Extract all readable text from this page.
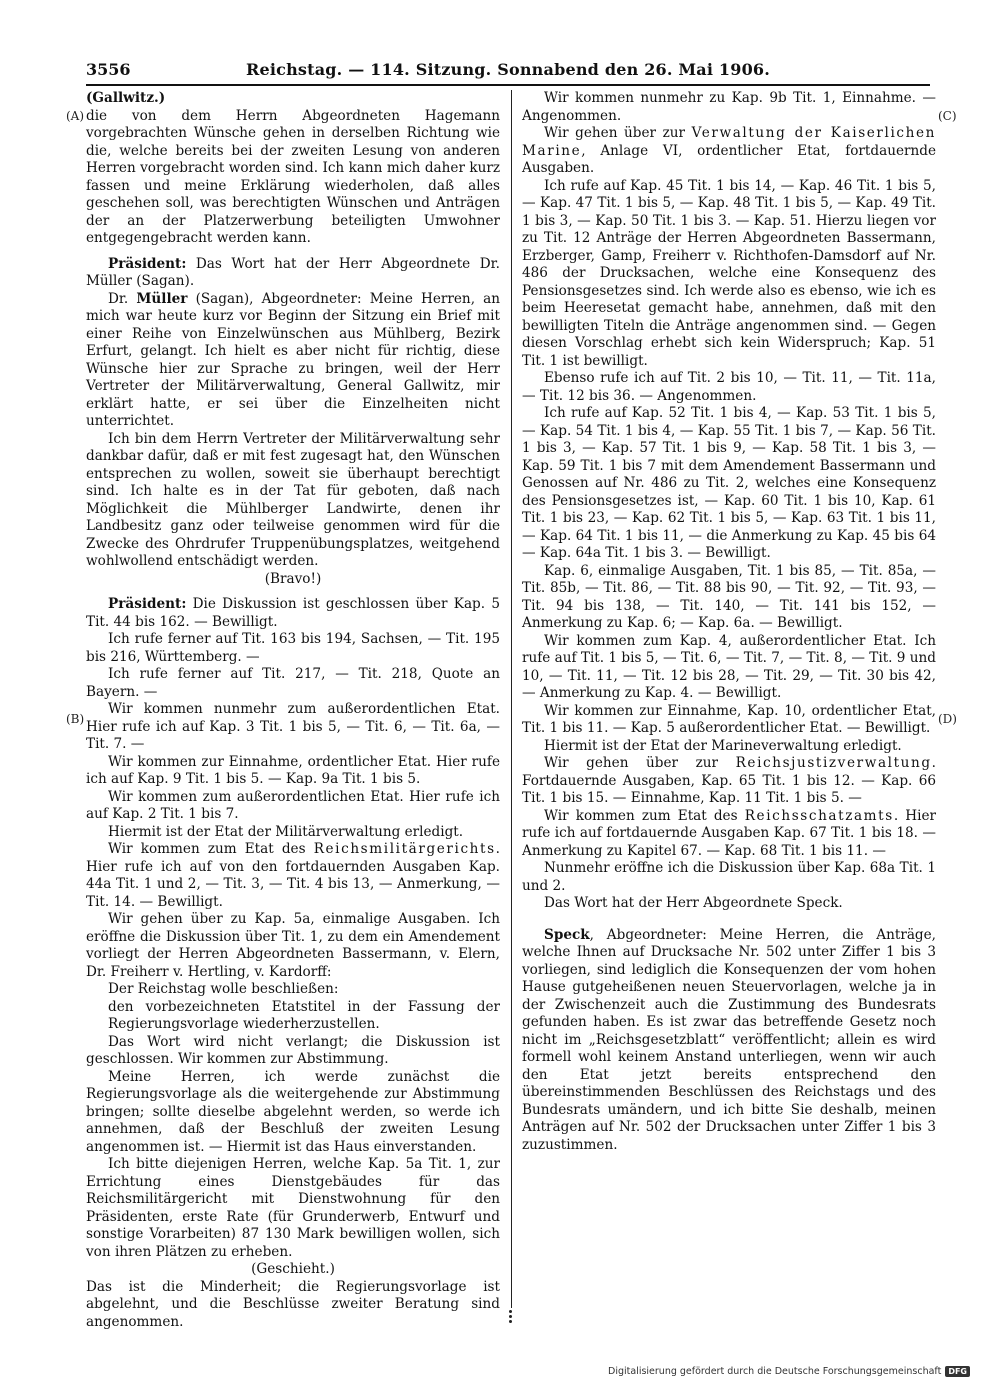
3556	Reichstag. — 114. Sitzung. Sonnabend den 26. Mai 1906.
(A)
(B)
(C)
(D)

(Gallwitz.)

die von dem Herrn Abgeordneten Hagemann vorgebrachten Wünsche gehen in derselben Richtung wie die, welche bereits bei der zweiten Lesung von anderen Herren vorgebracht worden sind. Ich kann mich daher kurz fassen und meine Erklärung wiederholen, daß alles geschehen soll, was berechtigten Wünschen und Anträgen der an der Platzerwerbung beteiligten Umwohner entgegengebracht werden kann.

Präsident: Das Wort hat der Herr Abgeordnete Dr. Müller (Sagan).

Dr. Müller (Sagan), Abgeordneter: Meine Herren, an mich war heute kurz vor Beginn der Sitzung ein Brief mit einer Reihe von Einzelwünschen aus Mühlberg, Bezirk Erfurt, gelangt. Ich hielt es aber nicht für richtig, diese Wünsche hier zur Sprache zu bringen, weil der Herr Vertreter der Militärverwaltung, General Gallwitz, mir erklärt hatte, er sei über die Einzelheiten nicht unterrichtet.

Ich bin dem Herrn Vertreter der Militärverwaltung sehr dankbar dafür, daß er mit fest zugesagt hat, den Wünschen entsprechen zu wollen, soweit sie überhaupt berechtigt sind. Ich halte es in der Tat für geboten, daß nach Möglichkeit die Mühlberger Landwirte, denen ihr Landbesitz ganz oder teilweise genommen wird für die Zwecke des Ohrdrufer Truppenübungsplatzes, weitgehend wohlwollend entschädigt werden.

(Bravo!)

Präsident: Die Diskussion ist geschlossen über Kap. 5 Tit. 44 bis 162. — Bewilligt.

Ich rufe ferner auf Tit. 163 bis 194, Sachsen, — Tit. 195 bis 216, Württemberg. —

Ich rufe ferner auf Tit. 217, — Tit. 218, Quote an Bayern. —

Wir kommen nunmehr zum außerordentlichen Etat. Hier rufe ich auf Kap. 3 Tit. 1 bis 5, — Tit. 6, — Tit. 6a, — Tit. 7. —

Wir kommen zur Einnahme, ordentlicher Etat. Hier rufe ich auf Kap. 9 Tit. 1 bis 5. — Kap. 9a Tit. 1 bis 5.

Wir kommen zum außerordentlichen Etat. Hier rufe ich auf Kap. 2 Tit. 1 bis 7.

Hiermit ist der Etat der Militärverwaltung erledigt.

Wir kommen zum Etat des Reichsmilitärgerichts. Hier rufe ich auf von den fortdauernden Ausgaben Kap. 44a Tit. 1 und 2, — Tit. 3, — Tit. 4 bis 13, — Anmerkung, — Tit. 14. — Bewilligt.

Wir gehen über zu Kap. 5a, einmalige Ausgaben. Ich eröffne die Diskussion über Tit. 1, zu dem ein Amendement vorliegt der Herren Abgeordneten Bassermann, v. Elern, Dr. Freiherr v. Hertling, v. Kardorff:

Der Reichstag wolle beschließen:

den vorbezeichneten Etatstitel in der Fassung der Regierungsvorlage wiederherzustellen.

Das Wort wird nicht verlangt; die Diskussion ist geschlossen. Wir kommen zur Abstimmung.

Meine Herren, ich werde zunächst die Regierungsvorlage als die weitergehende zur Abstimmung bringen; sollte dieselbe abgelehnt werden, so werde ich annehmen, daß der Beschluß der zweiten Lesung angenommen ist. — Hiermit ist das Haus einverstanden.

Ich bitte diejenigen Herren, welche Kap. 5a Tit. 1, zur Errichtung eines Dienstgebäudes für das Reichsmilitärgericht mit Dienstwohnung für den Präsidenten, erste Rate (für Grunderwerb, Entwurf und sonstige Vorarbeiten) 87 130 Mark bewilligen wollen, sich von ihren Plätzen zu erheben.

(Geschieht.)

Das ist die Minderheit; die Regierungsvorlage ist abgelehnt, und die Beschlüsse zweiter Beratung sind angenommen.

Wir kommen nunmehr zu Kap. 9b Tit. 1, Einnahme. — Angenommen.

Wir gehen über zur Verwaltung der Kaiserlichen Marine, Anlage VI, ordentlicher Etat, fortdauernde Ausgaben.

Ich rufe auf Kap. 45 Tit. 1 bis 14, — Kap. 46 Tit. 1 bis 5, — Kap. 47 Tit. 1 bis 5, — Kap. 48 Tit. 1 bis 5, — Kap. 49 Tit. 1 bis 3, — Kap. 50 Tit. 1 bis 3. — Kap. 51. Hierzu liegen vor zu Tit. 12 Anträge der Herren Abgeordneten Bassermann, Erzberger, Gamp, Freiherr v. Richthofen-Damsdorf auf Nr. 486 der Drucksachen, welche eine Konsequenz des Pensionsgesetzes sind. Ich werde also es ebenso, wie ich es beim Heeresetat gemacht habe, annehmen, daß mit den bewilligten Titeln die Anträge angenommen sind. — Gegen diesen Vorschlag erhebt sich kein Widerspruch; Kap. 51 Tit. 1 ist bewilligt.

Ebenso rufe ich auf Tit. 2 bis 10, — Tit. 11, — Tit. 11a, — Tit. 12 bis 36. — Angenommen.

Ich rufe auf Kap. 52 Tit. 1 bis 4, — Kap. 53 Tit. 1 bis 5, — Kap. 54 Tit. 1 bis 4, — Kap. 55 Tit. 1 bis 7, — Kap. 56 Tit. 1 bis 3, — Kap. 57 Tit. 1 bis 9, — Kap. 58 Tit. 1 bis 3, — Kap. 59 Tit. 1 bis 7 mit dem Amendement Bassermann und Genossen auf Nr. 486 zu Tit. 2, welches eine Konsequenz des Pensionsgesetzes ist, — Kap. 60 Tit. 1 bis 10, Kap. 61 Tit. 1 bis 23, — Kap. 62 Tit. 1 bis 5, — Kap. 63 Tit. 1 bis 11, — Kap. 64 Tit. 1 bis 11, — die Anmerkung zu Kap. 45 bis 64 — Kap. 64a Tit. 1 bis 3. — Bewilligt.

Kap. 6, einmalige Ausgaben, Tit. 1 bis 85, — Tit. 85a, — Tit. 85b, — Tit. 86, — Tit. 88 bis 90, — Tit. 92, — Tit. 93, — Tit. 94 bis 138, — Tit. 140, — Tit. 141 bis 152, — Anmerkung zu Kap. 6; — Kap. 6a. — Bewilligt.

Wir kommen zum Kap. 4, außerordentlicher Etat. Ich rufe auf Tit. 1 bis 5, — Tit. 6, — Tit. 7, — Tit. 8, — Tit. 9 und 10, — Tit. 11, — Tit. 12 bis 28, — Tit. 29, — Tit. 30 bis 42, — Anmerkung zu Kap. 4. — Bewilligt.

Wir kommen zur Einnahme, Kap. 10, ordentlicher Etat, Tit. 1 bis 11. — Kap. 5 außerordentlicher Etat. — Bewilligt.

Hiermit ist der Etat der Marineverwaltung erledigt.

Wir gehen über zur Reichsjustizverwaltung. Fortdauernde Ausgaben, Kap. 65 Tit. 1 bis 12. — Kap. 66 Tit. 1 bis 15. — Einnahme, Kap. 11 Tit. 1 bis 5. —

Wir kommen zum Etat des Reichsschatzamts. Hier rufe ich auf fortdauernde Ausgaben Kap. 67 Tit. 1 bis 18. — Anmerkung zu Kapitel 67. — Kap. 68 Tit. 1 bis 11. —

Nunmehr eröffne ich die Diskussion über Kap. 68a Tit. 1 und 2.

Das Wort hat der Herr Abgeordnete Speck.

Speck, Abgeordneter: Meine Herren, die Anträge, welche Ihnen auf Drucksache Nr. 502 unter Ziffer 1 bis 3 vorliegen, sind lediglich die Konsequenzen der vom hohen Hause gutgeheißenen neuen Steuervorlagen, welche ja in der Zwischenzeit auch die Zustimmung des Bundesrats gefunden haben. Es ist zwar das betreffende Gesetz noch nicht im „Reichsgesetzblatt“ veröffentlicht; allein es wird formell wohl keinem Anstand unterliegen, wenn wir auch den Etat jetzt bereits entsprechend den übereinstimmenden Beschlüssen des Reichstags und des Bundesrats umändern, und ich bitte Sie deshalb, meinen Anträgen auf Nr. 502 der Drucksachen unter Ziffer 1 bis 3 zuzustimmen.

Digitalisierung gefördert durch die Deutsche Forschungsgemeinschaft DFG
